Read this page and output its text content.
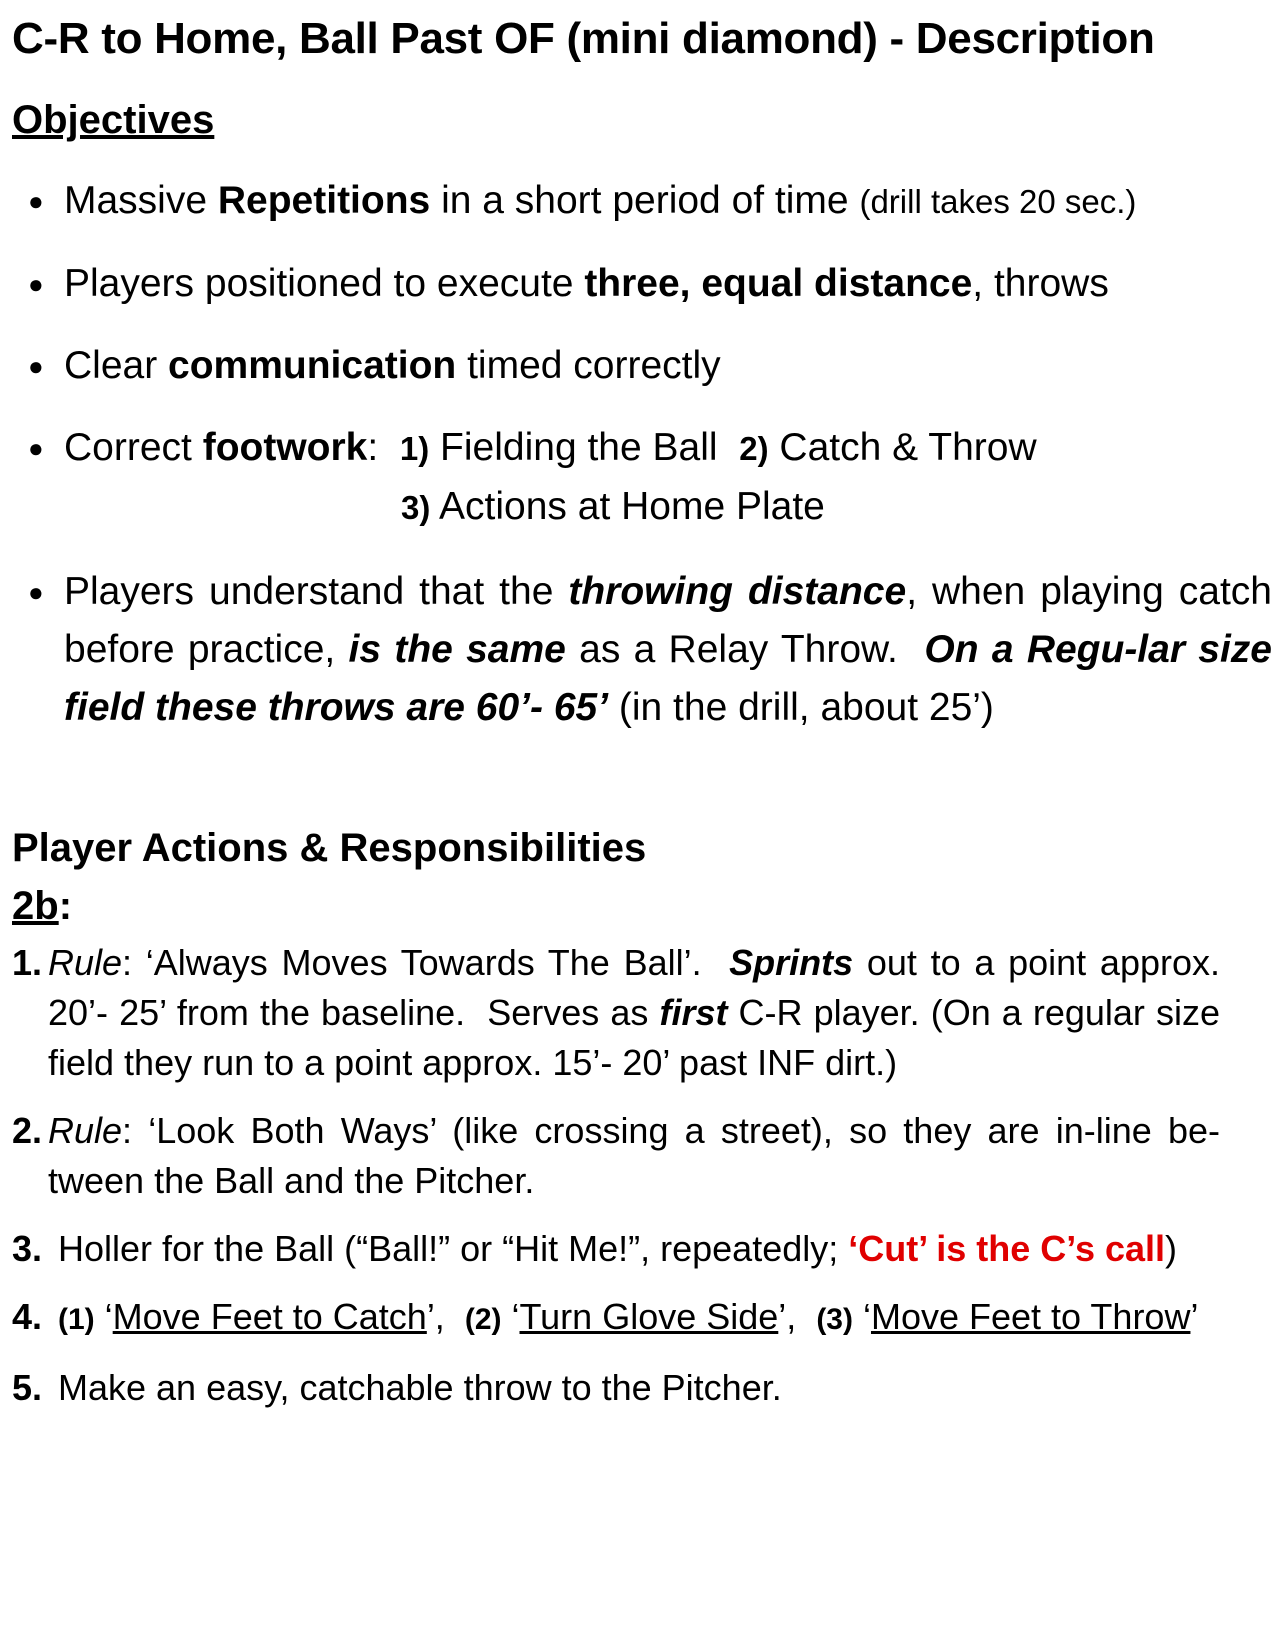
C-R to Home, Ball Past OF (mini diamond) - Description
Objectives
● Massive Repetitions in a short period of time (drill takes 20 sec.)
● Players positioned to execute three, equal distance, throws
● Clear communication timed correctly
● Correct footwork:  1) Fielding the Ball  2) Catch & Throw
3) Actions at Home Plate
● Players understand that the throwing distance, when playing catch before practice, is the same as a Relay Throw.  On a Regu-lar size field these throws are 60’- 65’ (in the drill, about 25’)
Player Actions & Responsibilities
2b:
1. Rule: ‘Always Moves Towards The Ball’.  Sprints out to a point approx. 20’- 25’ from the baseline.  Serves as first C-R player. (On a regular size field they run to a point approx. 15’- 20’ past INF dirt.)
2. Rule: ‘Look Both Ways’ (like crossing a street), so they are in-line be-tween the Ball and the Pitcher.
3. Holler for the Ball (“Ball!” or “Hit Me!”, repeatedly; ‘Cut’ is the C’s call)
4. (1) ‘Move Feet to Catch’,  (2) ‘Turn Glove Side’,  (3) ‘Move Feet to Throw’
5. Make an easy, catchable throw to the Pitcher.
